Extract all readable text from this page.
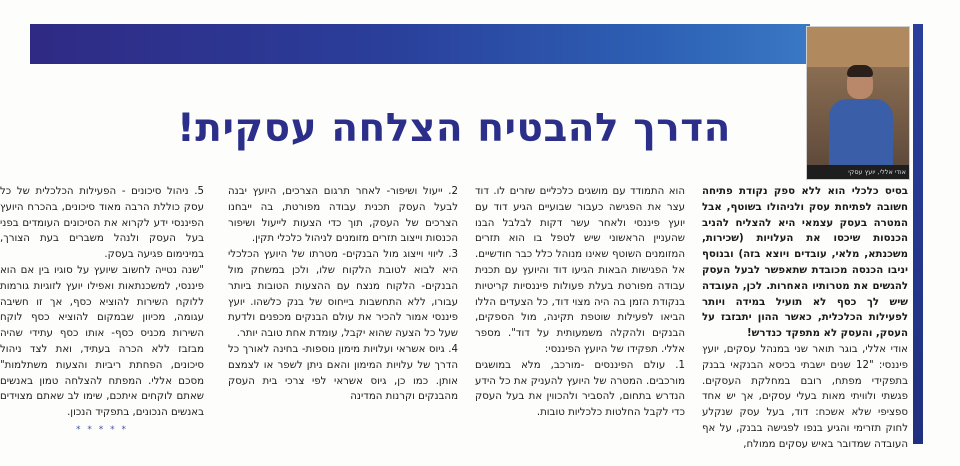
אודי אללי, יועץ עסקי
הדרך להבטיח הצלחה עסקית!

בסיס כלכלי הוא ללא ספק נקודת פתיחה חשובה לפתיחת עסק ולניהולו בשוטף, אבל המטרה בעסק עצמאי היא להצליח להניב הכנסות שיכסו את העלויות (שכירות, משכנתא, מלאי, עובדים ויוצא בזה) ובנוסף יניבו הכנסה מכובדת שתאפשר לבעל העסק להגשים את מטרותיו האחרות. לכן, העובדה שיש לך כסף לא תועיל במידה ויותר לפעילות הכלכלית, כאשר ההון יתבזבז על העסק, והעסק לא מתפקד כנדרש!

אודי אללי, בוגר תואר שני במנהל עסקים, יועץ פיננסי: "12 שנים ישבתי בכיסא הבנקאי בבנק בתפקידי מפתח, רובם במחלקת העסקים. פגשתי ולוויתי מאות בעלי עסקים, אך יש אחד ספציפי שלא אשכח: דוד, בעל עסק שנקלע לחוק תזרימי והגיע בנפו לפגישה בבנק, על אף העובדה שמדובר באיש עסקים ממולח,

הוא התמודד עם מושגים כלכליים שזרים לו. דוד עצר את הפגישה כעבור שבועיים הגיע דוד עם יועץ פיננסי ולאחר עשר דקות לבלבל הבנו שהעניין הראשוני שיש לטפל בו הוא תזרים המזומנים השוטף שאינו מנוהל כלל כבר חודשיים. אל הפגישות הבאות הגיעו דוד והיועץ עם תכנית עבודה מפורטת בעלת פעולות פיננסיות קריטיות בנקודת הזמן בה היה מצוי דוד, כל הצעדים הללו הביאו לפעילות שוטפת תקינה, מול הספקים, הבנקים ולהקלה משמעותית על דוד". מספר אללי. תפקידו של היועץ הפיננסי:

1. עולם הפיננסים -מורכב, מלא במושגים מורכבים. המטרה של היועץ להעניק את כל הידע הנדרש בתחום, להסביר ולהכווין את בעל העסק כדי לקבל החלטות כלכליות טובות.

2. ייעול ושיפור- לאחר תרגום הצרכים, היועץ יבנה לבעל העסק תכנית עבודה מפורטת, בה ייבחנו הצרכים של העסק, תוך כדי הצעות לייעול ושיפור הכנסות וייצוב תזרים מזומנים לניהול כלכלי תקין.

3. ליווי וייצוג מול הבנקים- מטרתו של היועץ הכלכלי היא לבוא לטובת הלקוח שלו, ולכן במשחק מול הבנקים- הלקוח מנצח עם ההצעות הטובות ביותר עבורו, ללא התחשבות בייחוס של בנק כלשהו. יועץ פיננסי אמור להכיר את עולם הבנקים מכפנים ולדעת שעל כל הצעה שהוא יקבל, עומדת אחת טובה יותר.

4. גיוס אשראי ועלויות מימון נוספות- בחינה לאורך כל הדרך של עלויות המימון והאם ניתן לשפר או לצמצם אותן. כמו כן, גיוס אשראי לפי צרכי בית העסק מהבנקים וקרנות המדינה

5. ניהול סיכונים - הפעילות הכלכלית של כל עסק כוללת הרבה מאוד סיכונים, בהכרח היועץ הפיננסי ידע לקרוא את הסיכונים העומדים בפני בעל העסק ולנהל משברים בעת הצורך, במינימום פגיעה בעסק.

"שנה נטייה לחשוב שיועץ על סוגיו בין אם הוא פיננסי, למשכנתאות ואפילו יועץ לזוגיות גורמות ללוקח השירות להוציא כסף, אך זו חשיבה עגומה, מכיוון שבמקום להוציא כסף לוקח השירות מכניס כסף- אותו כסף עתידי שהיה מבזבז ללא הכרה בעתיד, ואת לצד ניהול סיכונים, הפחתת ריביות והצעות משתלמות" מסכם אללי. המפתח להצלחה טמון באנשים שאתם לוקחים איתכם, שימו לב שאתם מצוידים באנשים הנכונים, בתפקיד הנכון.

* * * * *
